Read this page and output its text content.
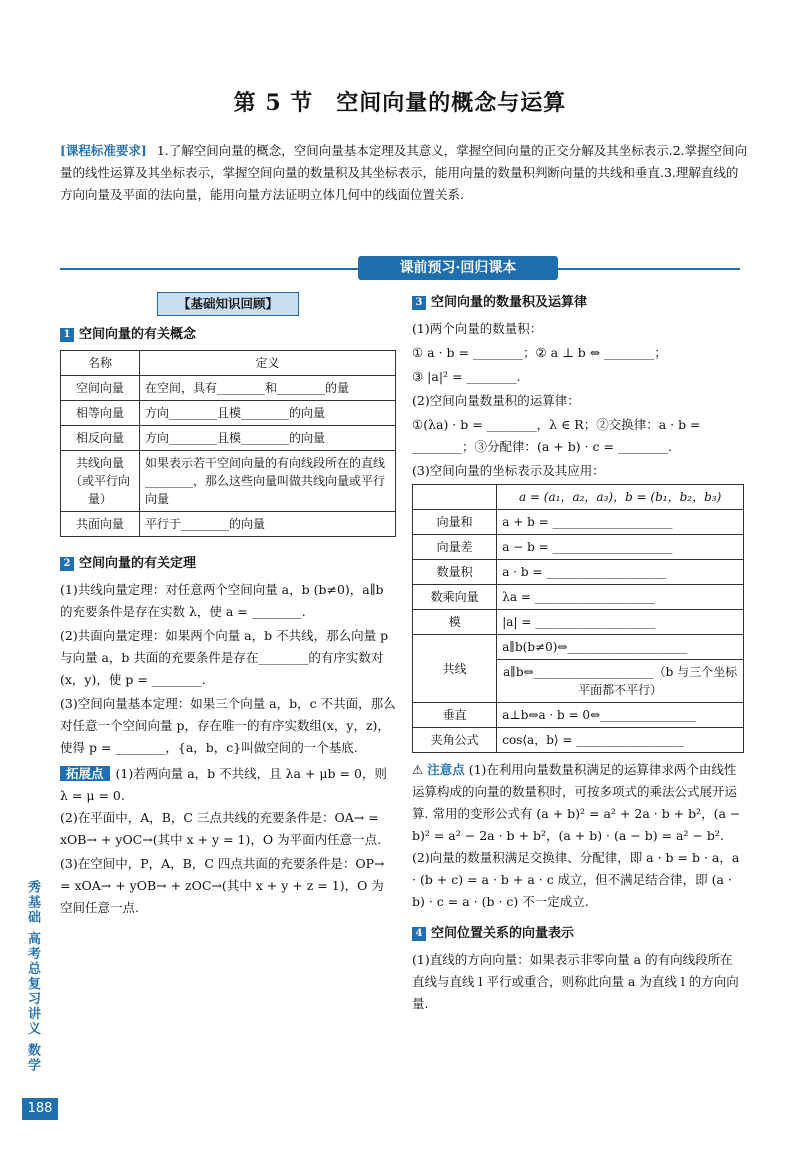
第 5 节　空间向量的概念与运算
[课程标准要求] 1.了解空间向量的概念，空间向量基本定理及其意义，掌握空间向量的正交分解及其坐标表示.2.掌握空间向量的线性运算及其坐标表示，掌握空间向量的数量积及其坐标表示，能用向量的数量积判断向量的共线和垂直.3.理解直线的方向向量及平面的法向量，能用向量方法证明立体几何中的线面位置关系.
课前预习·回归课本
【基础知识回顾】
1 空间向量的有关概念
名称	定义
空间向量	在空间，具有________和________的量
相等向量	方向________且模________的向量
相反向量	方向________且模________的向量
共线向量（或平行向量）	如果表示若干空间向量的有向线段所在的直线________，那么这些向量叫做共线向量或平行向量
共面向量	平行于________的向量
2 空间向量的有关定理

(1)共线向量定理：对任意两个空间向量 a，b (b≠0)，a∥b 的充要条件是存在实数 λ，使 a = ________.

(2)共面向量定理：如果两个向量 a，b 不共线，那么向量 p 与向量 a，b 共面的充要条件是存在________的有序实数对(x，y)，使 p = ________.

(3)空间向量基本定理：如果三个向量 a，b，c 不共面，那么对任意一个空间向量 p，存在唯一的有序实数组(x，y，z)，使得 p = ________，{a，b，c}叫做空间的一个基底.

拓展点 (1)若两向量 a，b 不共线，且 λa + μb = 0，则 λ = μ = 0.

(2)在平面中，A，B，C 三点共线的充要条件是：OA→ = xOB→ + yOC→(其中 x + y = 1)，O 为平面内任意一点.

(3)在空间中，P，A，B，C 四点共面的充要条件是：OP→ = xOA→ + yOB→ + zOC→(其中 x + y + z = 1)，O 为空间任意一点.

3 空间向量的数量积及运算律

(1)两个向量的数量积：

① a · b = ________；② a ⊥ b ⇔ ________；

③ |a|² = ________.

(2)空间向量数量积的运算律：

①(λa) · b = ________，λ ∈ R；②交换律：a · b = ________；③分配律：(a + b) · c = ________.

(3)空间向量的坐标表示及其应用：

	a = (a₁，a₂，a₃)，b = (b₁，b₂，b₃)
向量和	a + b = ____________________
向量差	a − b = ____________________
数量积	a · b = ____________________
数乘向量	λa = ____________________
模	|a| = ____________________
共线	a∥b(b≠0)⇔____________________
	a∥b⇔____________________（b 与三个坐标平面都不平行）
垂直	a⊥b⇔a · b = 0⇔________________
夹角公式	cos⟨a，b⟩ = __________________
⚠ 注意点 (1)在利用向量数量积满足的运算律求两个由线性运算构成的向量的数量积时，可按多项式的乘法公式展开运算. 常用的变形公式有 (a + b)² = a² + 2a · b + b²，(a − b)² = a² − 2a · b + b²，(a + b) · (a − b) = a² − b².

(2)向量的数量积满足交换律、分配律，即 a · b = b · a，a · (b + c) = a · b + a · c 成立，但不满足结合律，即 (a · b) · c = a · (b · c) 不一定成立.

4 空间位置关系的向量表示

(1)直线的方向向量：如果表示非零向量 a 的有向线段所在直线与直线 l 平行或重合，则称此向量 a 为直线 l 的方向向量.

秀基础 高考总复习讲义 数学
188
